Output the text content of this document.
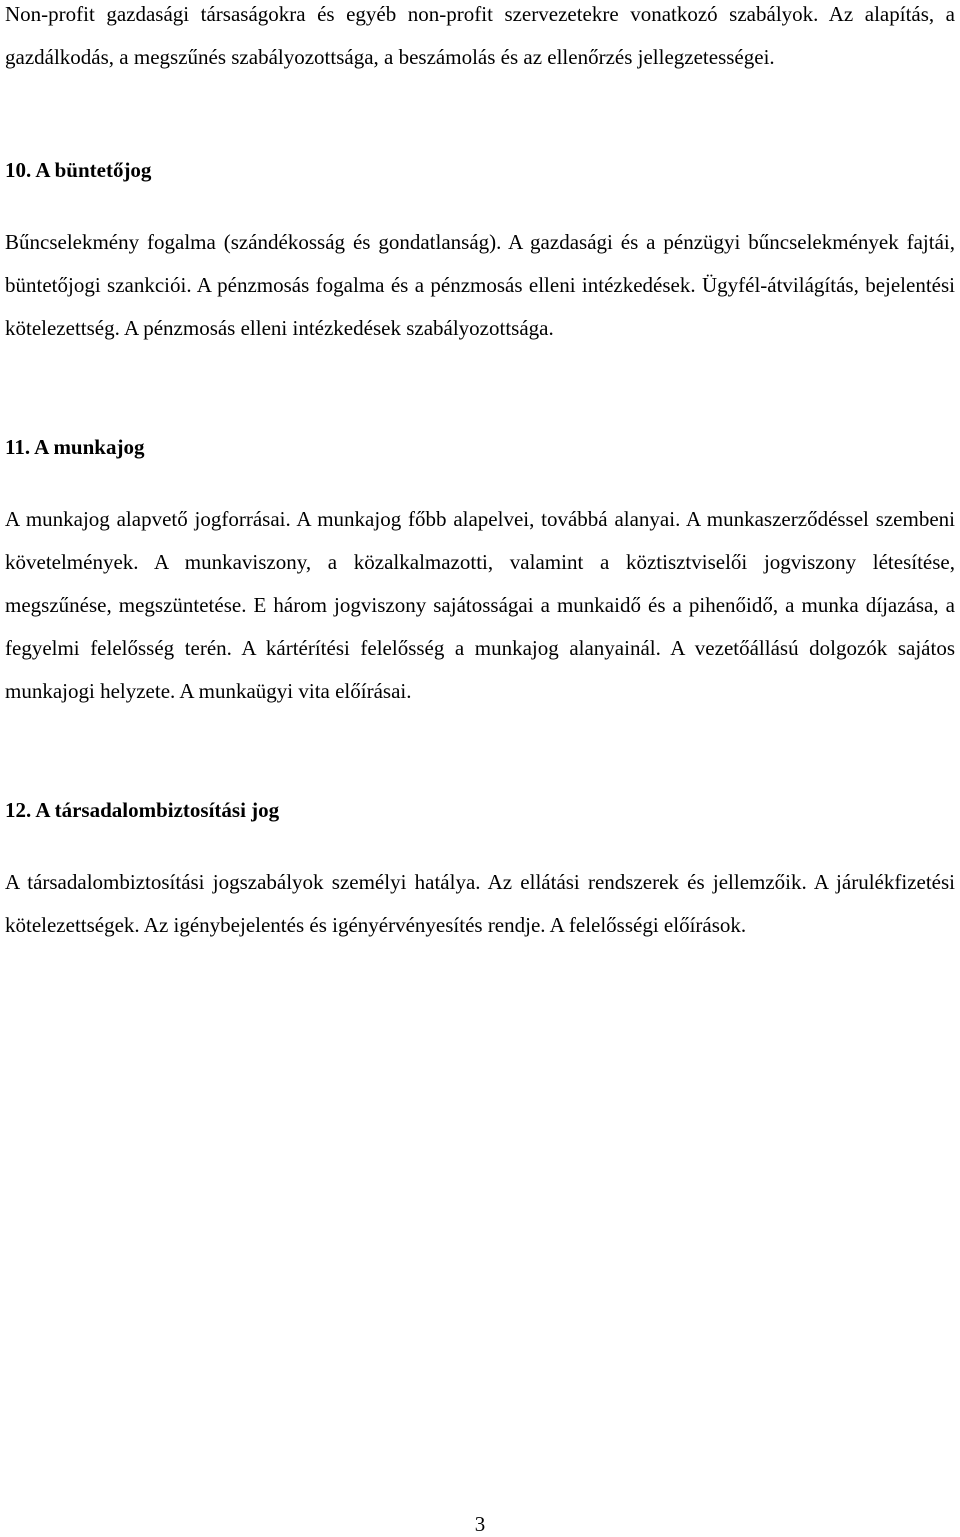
Non-profit gazdasági társaságokra és egyéb non-profit szervezetekre vonatkozó szabályok. Az alapítás, a gazdálkodás, a megszűnés szabályozottsága, a beszámolás és az ellenőrzés jellegzetességei.

10. A büntetőjog

Bűncselekmény fogalma (szándékosság és gondatlanság). A gazdasági és a pénzügyi bűncselekmények fajtái, büntetőjogi szankciói. A pénzmosás fogalma és a pénzmosás elleni intézkedések. Ügyfél-átvilágítás, bejelentési kötelezettség. A pénzmosás elleni intézkedések szabályozottsága.

11. A munkajog

A munkajog alapvető jogforrásai. A munkajog főbb alapelvei, továbbá alanyai. A munkaszerződéssel szembeni követelmények. A munkaviszony, a közalkalmazotti, valamint a köztisztviselői jogviszony létesítése, megszűnése, megszüntetése. E három jogviszony sajátosságai a munkaidő és a pihenőidő, a munka díjazása, a fegyelmi felelősség terén. A kártérítési felelősség a munkajog alanyainál. A vezetőállású dolgozók sajátos munkajogi helyzete. A munkaügyi vita előírásai.

12. A társadalombiztosítási jog

A társadalombiztosítási jogszabályok személyi hatálya. Az ellátási rendszerek és jellemzőik. A járulékfizetési kötelezettségek. Az igénybejelentés és igényérvényesítés rendje. A felelősségi előírások.

3
